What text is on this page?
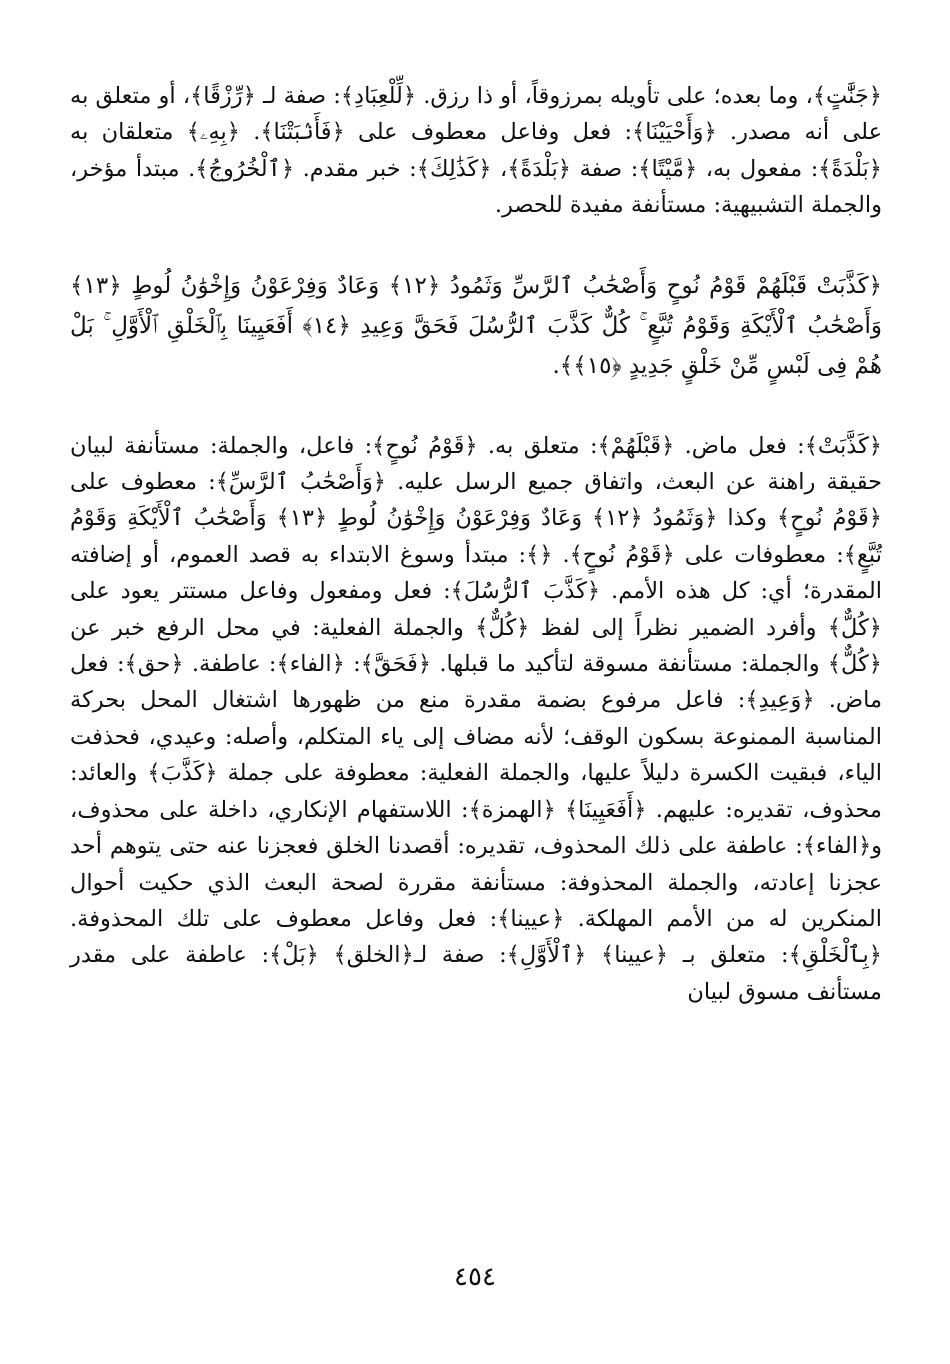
﴿جَنَّٰتٍ﴾، وما بعده؛ على تأويله بمرزوقاً، أو ذا رزق. ﴿لِّلْعِبَادِ﴾: صفة لـ ﴿رِّزْقًا﴾، أو متعلق به على أنه مصدر. ﴿وَأَحْيَيْنَا﴾: فعل وفاعل معطوف على ﴿فَأَنۢبَتْنَا﴾. ﴿بِهِۦ﴾ متعلقان به ﴿بَلْدَةً﴾: مفعول به، ﴿مَّيْتًا﴾: صفة ﴿بَلْدَةً﴾، ﴿كَذَٰلِكَ﴾: خبر مقدم. ﴿ٱلْخُرُوجُ﴾. مبتدأ مؤخر، والجملة التشبيهية: مستأنفة مفيدة للحصر.

﴿كَذَّبَتْ قَبْلَهُمْ قَوْمُ نُوحٍ وَأَصْحَٰبُ ٱلرَّسِّ وَثَمُودُ ﴿١٢﴾ وَعَادٌ وَفِرْعَوْنُ وَإِخْوَٰنُ لُوطٍ ﴿١٣﴾ وَأَصْحَٰبُ ٱلْأَيْكَةِ وَقَوْمُ تُبَّعٍ ۚ كُلٌّ كَذَّبَ ٱلرُّسُلَ فَحَقَّ وَعِيدِ ﴿١٤﴾ أَفَعَيِينَا بِٱلْخَلْقِ ٱلْأَوَّلِ ۚ بَلْ هُمْ فِى لَبْسٍ مِّنْ خَلْقٍ جَدِيدٍ ﴿١٥﴾﴾.

﴿كَذَّبَتْ﴾: فعل ماض. ﴿قَبْلَهُمْ﴾: متعلق به. ﴿قَوْمُ نُوحٍ﴾: فاعل، والجملة: مستأنفة لبيان حقيقة راهنة عن البعث، واتفاق جميع الرسل عليه. ﴿وَأَصْحَٰبُ ٱلرَّسِّ﴾: معطوف على ﴿قَوْمُ نُوحٍ﴾ وكذا ﴿وَثَمُودُ ﴿١٢﴾ وَعَادٌ وَفِرْعَوْنُ وَإِخْوَٰنُ لُوطٍ ﴿١٣﴾ وَأَصْحَٰبُ ٱلْأَيْكَةِ وَقَوْمُ تُبَّعٍ﴾: معطوفات على ﴿قَوْمُ نُوحٍ﴾. ﴿﴾: مبتدأ وسوغ الابتداء به قصد العموم، أو إضافته المقدرة؛ أي: كل هذه الأمم. ﴿كَذَّبَ ٱلرُّسُلَ﴾: فعل ومفعول وفاعل مستتر يعود على ﴿كُلٌّ﴾ وأفرد الضمير نظراً إلى لفظ ﴿كُلٌّ﴾ والجملة الفعلية: في محل الرفع خبر عن ﴿كُلٌّ﴾ والجملة: مستأنفة مسوقة لتأكيد ما قبلها. ﴿فَحَقَّ﴾: ﴿الفاء﴾: عاطفة. ﴿حق﴾: فعل ماض. ﴿وَعِيدِ﴾: فاعل مرفوع بضمة مقدرة منع من ظهورها اشتغال المحل بحركة المناسبة الممنوعة بسكون الوقف؛ لأنه مضاف إلى ياء المتكلم، وأصله: وعيدي، فحذفت الياء، فبقيت الكسرة دليلاً عليها، والجملة الفعلية: معطوفة على جملة ﴿كَذَّبَ﴾ والعائد: محذوف، تقديره: عليهم. ﴿أَفَعَيِينَا﴾ ﴿الهمزة﴾: اللاستفهام الإنكاري، داخلة على محذوف، و﴿الفاء﴾: عاطفة على ذلك المحذوف، تقديره: أقصدنا الخلق فعجزنا عنه حتى يتوهم أحد عجزنا إعادته، والجملة المحذوفة: مستأنفة مقررة لصحة البعث الذي حكيت أحوال المنكرين له من الأمم المهلكة. ﴿عيينا﴾: فعل وفاعل معطوف على تلك المحذوفة. ﴿بِٱلْخَلْقِ﴾: متعلق بـ ﴿عيينا﴾ ﴿ٱلْأَوَّلِ﴾: صفة لـ﴿الخلق﴾ ﴿بَلْ﴾: عاطفة على مقدر مستأنف مسوق لبيان

٤٥٤
